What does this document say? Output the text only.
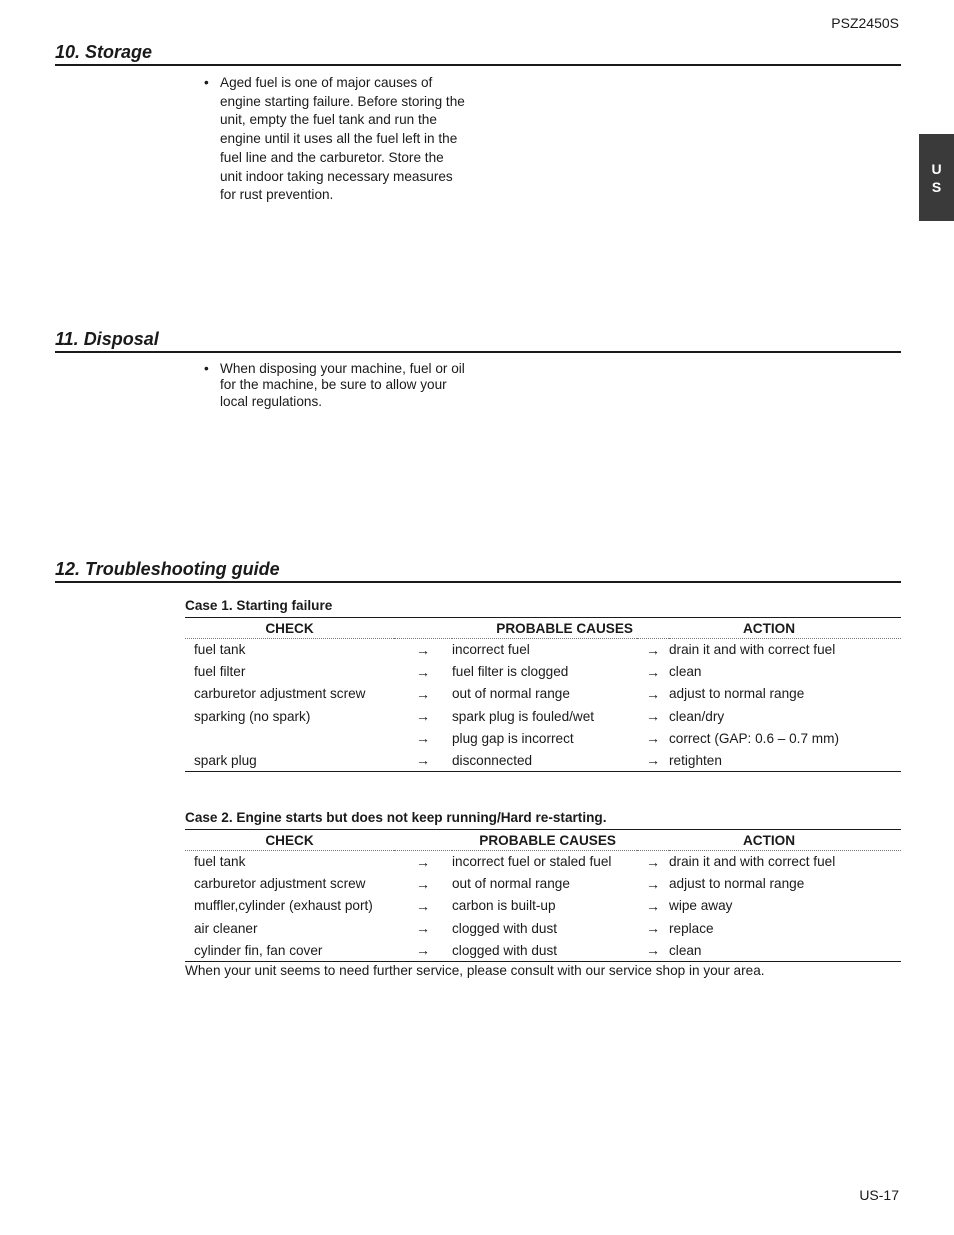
PSZ2450S
U
S
10. Storage
• Aged fuel is one of major causes of engine starting failure. Before storing the unit, empty the fuel tank and run the engine until it uses all the fuel left in the fuel line and the carburetor. Store the unit indoor taking necessary measures for rust prevention.
11. Disposal
• When disposing your machine, fuel or oil for the machine, be sure to allow your local regulations.
12. Troubleshooting guide
Case 1. Starting failure
CHECK	PROBABLE CAUSES		ACTION	
fuel tank	→	incorrect fuel	→	drain it and with correct fuel
fuel filter	→	fuel filter is clogged	→	clean
carburetor adjustment screw	→	out of normal range	→	adjust to normal range
sparking (no spark)	→	spark plug is fouled/wet	→	clean/dry
	→	plug gap is incorrect	→	correct (GAP: 0.6 – 0.7 mm)
spark plug	→	disconnected	→	retighten
Case 2. Engine starts but does not keep running/Hard re-starting.
CHECK	PROBABLE CAUSES		ACTION	
fuel tank	→	incorrect fuel or staled fuel	→	drain it and with correct fuel
carburetor adjustment screw	→	out of normal range	→	adjust to normal range
muffler,cylinder (exhaust port)	→	carbon is built-up	→	wipe away
air cleaner	→	clogged with dust	→	replace
cylinder fin, fan cover	→	clogged with dust	→	clean
When your unit seems to need further service, please consult with our service shop in your area.
US-17
